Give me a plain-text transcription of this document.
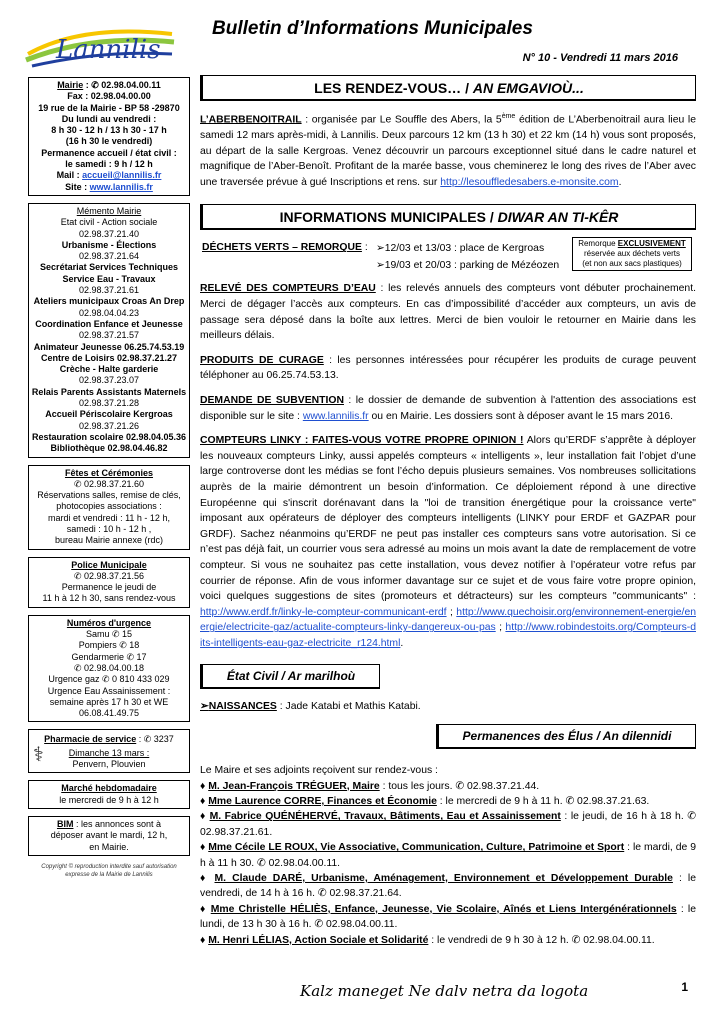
Lannilis
Bulletin d’Informations Municipales
N° 10 - Vendredi 11 mars 2016
Mairie : ✆ 02.98.04.00.11
Fax : 02.98.04.00.00
19 rue de la Mairie - BP 58 -29870
Du lundi au vendredi :
8 h 30 - 12 h / 13 h 30 - 17 h
(16 h 30 le vendredi)
Permanence accueil / état civil :
le samedi : 9 h / 12 h
Mail : accueil@lannilis.fr
Site : www.lannilis.fr
Mémento Mairie
Etat civil - Action sociale
02.98.37.21.40
Urbanisme - Élections
02.98.37.21.64
Secrétariat Services Techniques
Service Eau - Travaux
02.98.37.21.61
Ateliers municipaux Croas An Drep
02.98.04.04.23
Coordination Enfance et Jeunesse
02.98.37.21.57
Animateur Jeunesse 06.25.74.53.19
Centre de Loisirs 02.98.37.21.27
Crèche - Halte garderie
02.98.37.23.07
Relais Parents Assistants Maternels
02.98.37.21.28
Accueil Périscolaire Kergroas
02.98.37.21.26
Restauration scolaire 02.98.04.05.36
Bibliothèque 02.98.04.46.82
Fêtes et Cérémonies
✆ 02.98.37.21.60
Réservations salles, remise de clés,
photocopies associations :
mardi et vendredi : 11 h - 12 h,
samedi : 10 h - 12 h ,
bureau Mairie annexe (rdc)
Police Municipale
✆ 02.98.37.21.56
Permanence le jeudi de
11 h à 12 h 30, sans rendez-vous
Numéros d'urgence
Samu ✆ 15
Pompiers ✆ 18
Gendarmerie ✆ 17
✆ 02.98.04.00.18
Urgence gaz ✆ 0 810 433 029
Urgence Eau Assainissement :
semaine après 17 h 30 et WE
06.08.41.49.75
Pharmacie de service : ✆ 3237
⚕	Dimanche 13 mars :
Penvern, Plouvien
Marché hebdomadaire
le mercredi de 9 h à 12 h
BIM : les annonces sont à
déposer avant le mardi, 12 h,
en Mairie.
Copyright © reproduction interdite sauf autorisation
expresse de la Mairie de Lannilis
LES RENDEZ-VOUS… / AN EMGAVIOÙ...

L’ABERBENOITRAIL : organisée par Le Souffle des Abers, la 5ème édition de L’Aberbenoitrail aura lieu le samedi 12 mars après-midi, à Lannilis. Deux parcours 12 km (13 h 30) et 22 km (14 h) vous sont proposés, au départ de la salle Kergroas. Venez découvrir un parcours exceptionnel situé dans le cadre naturel et magnifique de l’Aber-Benoît. Profitant de la marée basse, vous cheminerez le long des rives de l’Aber avec une traversée prévue à gué Inscriptions et rens. sur http://lesouffledesabers.e-monsite.com.

INFORMATIONS MUNICIPALES / DIWAR AN TI-KÊR
DÉCHETS VERTS – REMORQUE : ➢12/03 et 13/03 : place de Kergroas
➢19/03 et 20/03 : parking de Mézéozen
Remorque EXCLUSIVEMENT
réservée aux déchets verts
(et non aux sacs plastiques)

RELEVÉ DES COMPTEURS D’EAU : les relevés annuels des compteurs vont débuter prochainement. Merci de dégager l’accès aux compteurs. En cas d’impossibilité d’accéder aux compteurs, un avis de passage sera déposé dans la boîte aux lettres. Merci de bien vouloir le retourner en Mairie dans les meilleurs délais.

PRODUITS DE CURAGE : les personnes intéressées pour récupérer les produits de curage peuvent téléphoner au 06.25.74.53.13.

DEMANDE DE SUBVENTION : le dossier de demande de subvention à l'attention des associations est disponible sur le site : www.lannilis.fr ou en Mairie. Les dossiers sont à déposer avant le 15 mars 2016.

COMPTEURS LINKY : FAITES-VOUS VOTRE PROPRE OPINION ! Alors qu’ERDF s’apprête à déployer les nouveaux compteurs Linky, aussi appelés compteurs « intelligents », leur installation fait l’objet d’une large controverse dont les médias se font l’écho depuis plusieurs semaines. Vos nombreuses sollicitations auprès de la mairie démontrent un besoin d’information. Ce déploiement répond à une directive Européenne qui s'inscrit dorénavant dans la "loi de transition énergétique pour la croissance verte" imposant aux opérateurs de déployer des compteurs intelligents (LINKY pour ERDF et GAZPAR pour GRDF). Sachez néanmoins qu’ERDF ne peut pas installer ces compteurs sans votre autorisation. Si ce n’est pas déjà fait, un courrier vous sera adressé au moins un mois avant la date de remplacement de votre compteur. Si vous ne souhaitez pas cette installation, vous devez notifier à l’opérateur votre refus par courrier de réponse. Afin de vous informer davantage sur ce sujet et de vous faire votre propre opinion, voici quelques suggestions de sites (promoteurs et détracteurs) sur les compteurs "communicants" : http://www.erdf.fr/linky-le-compteur-communicant-erdf ; http://www.quechoisir.org/environnement-energie/energie/electricite-gaz/actualite-compteurs-linky-dangereux-ou-pas ; http://www.robindestoits.org/Compteurs-dits-intelligents-eau-gaz-electricite_r124.html.

État Civil / Ar marilhoù

➢NAISSANCES : Jade Katabi et Mathis Katabi.

Permanences des Élus / An dilennidi
Le Maire et ses adjoints reçoivent sur rendez-vous :
♦ M. Jean-François TRÉGUER, Maire : tous les jours. ✆ 02.98.37.21.44.
♦ Mme Laurence CORRE, Finances et Économie : le mercredi de 9 h à 11 h. ✆ 02.98.37.21.63.
♦ M. Fabrice QUÉNÉHERVÉ, Travaux, Bâtiments, Eau et Assainissement : le jeudi, de 16 h à 18 h. ✆ 02.98.37.21.61.
♦ Mme Cécile LE ROUX, Vie Associative, Communication, Culture, Patrimoine et Sport : le mardi, de 9 h à 11 h 30. ✆ 02.98.04.00.11.
♦ M. Claude DARÉ, Urbanisme, Aménagement, Environnement et Développement Durable : le vendredi, de 14 h à 16 h. ✆ 02.98.37.21.64.
♦ Mme Christelle HÉLIÈS, Enfance, Jeunesse, Vie Scolaire, Aînés et Liens Intergénérationnels : le lundi, de 13 h 30 à 16 h. ✆ 02.98.04.00.11.
♦ M. Henri LÉLIAS, Action Sociale et Solidarité : le vendredi de 9 h 30 à 12 h. ✆ 02.98.04.00.11.
Kalz maneget Ne dalv netra da logota	1
